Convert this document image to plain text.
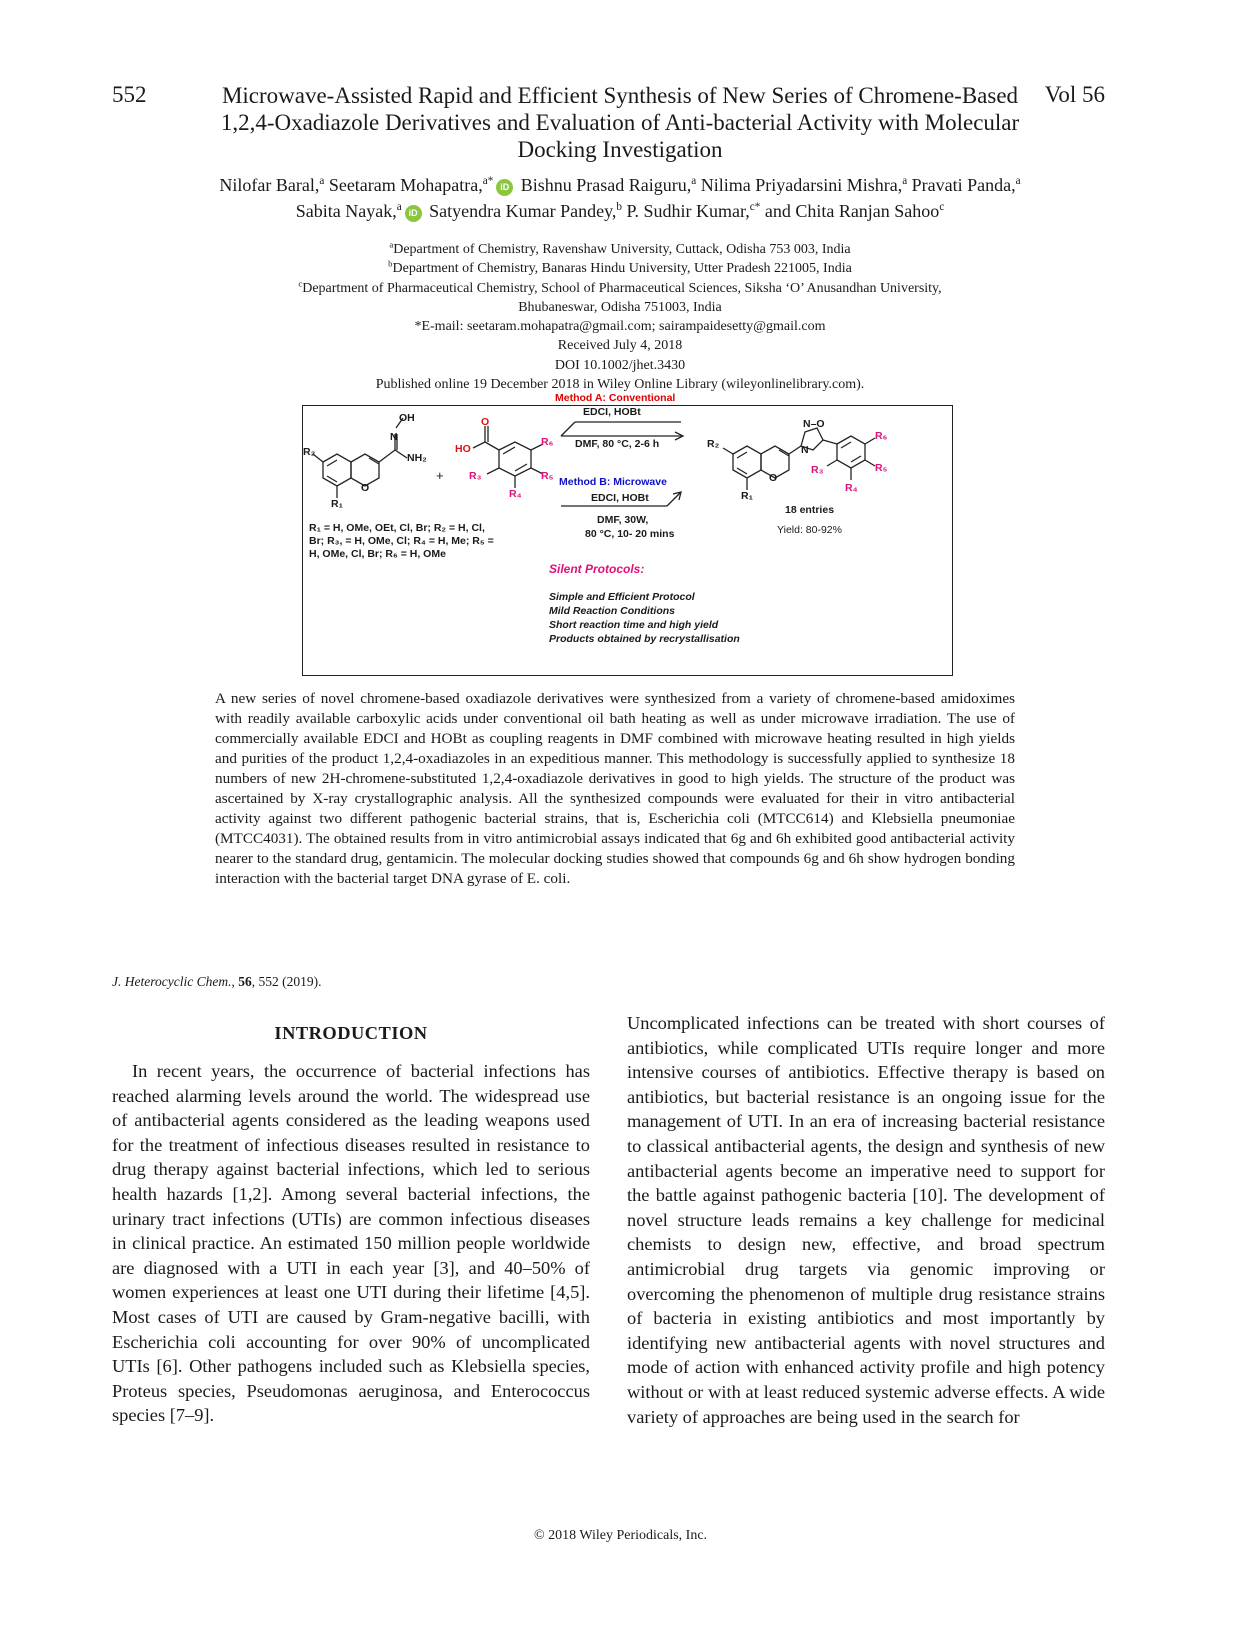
552	Vol 56
Microwave-Assisted Rapid and Efficient Synthesis of New Series of Chromene-Based 1,2,4-Oxadiazole Derivatives and Evaluation of Anti-bacterial Activity with Molecular Docking Investigation
Nilofar Baral,$^a$ Seetaram Mohapatra,$^{a*}$ iD Bishnu Prasad Raiguru,$^a$ Nilima Priyadarsini Mishra,$^a$ Pravati Panda,$^a$
Sabita Nayak,$^a$ iD Satyendra Kumar Pandey,$^b$ P. Sudhir Kumar,$^{c*}$ and Chita Ranjan Sahoo$^c$
$^a$Department of Chemistry, Ravenshaw University, Cuttack, Odisha 753 003, India
$^b$Department of Chemistry, Banaras Hindu University, Utter Pradesh 221005, India
$^c$Department of Pharmaceutical Chemistry, School of Pharmaceutical Sciences, Siksha ‘O’ Anusandhan University,
Bhubaneswar, Odisha 751003, India
*E-mail: seetaram.mohapatra@gmail.com; sairampaidesetty@gmail.com
Received July 4, 2018
DOI 10.1002/jhet.3430
Published online 19 December 2018 in Wiley Online Library (wileyonlinelibrary.com).
OH
N
NH₂
O
R₂
R₁
+
O
HO
R₆
R₅
R₄
R₃
R₂
R₁
O
N–O
N
R₆
R₅
R₄
R₃
Method A: Conventional
EDCI, HOBt
DMF, 80 °C, 2-6 h
Method B: Microwave
EDCI, HOBt
DMF, 30W,
80 °C, 10- 20 mins
R₁ = H, OMe, OEt, Cl, Br; R₂ = H, Cl, Br; R₃, = H, OMe, Cl; R₄ = H, Me; R₅ = H, OMe, Cl, Br; R₆ = H, OMe
18 entries
Yield: 80-92%
Silent Protocols:
Simple and Efficient Protocol
Mild Reaction Conditions
Short reaction time and high yield
Products obtained by recrystallisation
A new series of novel chromene-based oxadiazole derivatives were synthesized from a variety of chromene-based amidoximes with readily available carboxylic acids under conventional oil bath heating as well as under microwave irradiation. The use of commercially available EDCI and HOBt as coupling reagents in DMF combined with microwave heating resulted in high yields and purities of the product 1,2,4-oxadiazoles in an expeditious manner. This methodology is successfully applied to synthesize 18 numbers of new 2H-chromene-substituted 1,2,4-oxadiazole derivatives in good to high yields. The structure of the product was ascertained by X-ray crystallographic analysis. All the synthesized compounds were evaluated for their in vitro antibacterial activity against two different pathogenic bacterial strains, that is, Escherichia coli (MTCC614) and Klebsiella pneumoniae (MTCC4031). The obtained results from in vitro antimicrobial assays indicated that 6g and 6h exhibited good antibacterial activity nearer to the standard drug, gentamicin. The molecular docking studies showed that compounds 6g and 6h show hydrogen bonding interaction with the bacterial target DNA gyrase of E. coli.
J. Heterocyclic Chem., 56, 552 (2019).
INTRODUCTION

In recent years, the occurrence of bacterial infections has reached alarming levels around the world. The widespread use of antibacterial agents considered as the leading weapons used for the treatment of infectious diseases resulted in resistance to drug therapy against bacterial infections, which led to serious health hazards [1,2]. Among several bacterial infections, the urinary tract infections (UTIs) are common infectious diseases in clinical practice. An estimated 150 million people worldwide are diagnosed with a UTI in each year [3], and 40–50% of women experiences at least one UTI during their lifetime [4,5]. Most cases of UTI are caused by Gram-negative bacilli, with Escherichia coli accounting for over 90% of uncomplicated UTIs [6]. Other pathogens included such as Klebsiella species, Proteus species, Pseudomonas aeruginosa, and Enterococcus species [7–9].

Uncomplicated infections can be treated with short courses of antibiotics, while complicated UTIs require longer and more intensive courses of antibiotics. Effective therapy is based on antibiotics, but bacterial resistance is an ongoing issue for the management of UTI. In an era of increasing bacterial resistance to classical antibacterial agents, the design and synthesis of new antibacterial agents become an imperative need to support for the battle against pathogenic bacteria [10]. The development of novel structure leads remains a key challenge for medicinal chemists to design new, effective, and broad spectrum antimicrobial drug targets via genomic improving or overcoming the phenomenon of multiple drug resistance strains of bacteria in existing antibiotics and most importantly by identifying new antibacterial agents with novel structures and mode of action with enhanced activity profile and high potency without or with at least reduced systemic adverse effects. A wide variety of approaches are being used in the search for

© 2018 Wiley Periodicals, Inc.
